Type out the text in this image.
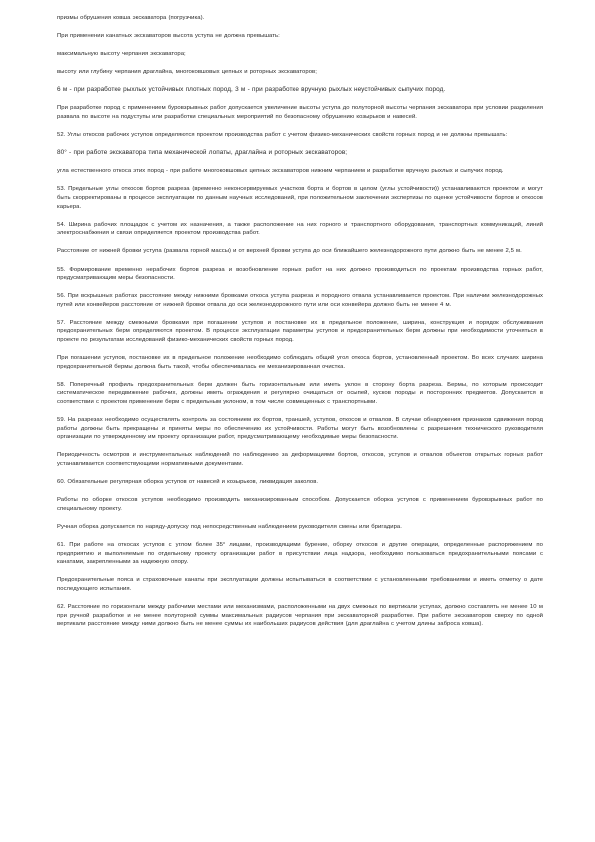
призмы обрушения ковша экскаватора (погрузчика).

При применении канатных экскаваторов высота уступа не должна превышать:

максимальную высоту черпания экскаватора;

высоту или глубину черпания драглайна, многоковшовых цепных и роторных экскаваторов;

6 м - при разработке рыхлых устойчивых плотных пород, 3 м - при разработке вручную рыхлых неустойчивых сыпучих пород.

При разработке пород с применением буровзрывных работ допускается увеличение высоты уступа до полуторной высоты черпания экскаватора при условии разделения развала по высоте на подуступы или разработки специальных мероприятий по безопасному обрушению козырьков и навесей.

52. Углы откосов рабочих уступов определяются проектом производства работ с учетом физико-механических свойств горных пород и не должны превышать:

80° - при работе экскаватора типа механической лопаты, драглайна и роторных экскаваторов;

угла естественного откоса этих пород - при работе многоковшовых цепных экскаваторов нижним черпанием и разработке вручную рыхлых и сыпучих пород.

53. Предельные углы откосов бортов разреза (временно неконсервируемых участков борта и бортов в целом (углы устойчивости)) устанавливаются проектом и могут быть скорректированы в процессе эксплуатации по данным научных исследований, при положительном заключении экспертизы по оценке устойчивости бортов и откосов карьера.

54. Ширина рабочих площадок с учетом их назначения, а также расположение на них горного и транспортного оборудования, транспортных коммуникаций, линий электроснабжения и связи определяется проектом производства работ.

Расстояние от нижней бровки уступа (развала горной массы) и от верхней бровки уступа до оси ближайшего железнодорожного пути должно быть не менее 2,5 м.

55. Формирование временно нерабочих бортов разреза и возобновление горных работ на них должно производиться по проектам производства горных работ, предусматривающим меры безопасности.

56. При вскрышных работах расстояние между нижними бровками откоса уступа разреза и породного отвала устанавливается проектом. При наличии железнодорожных путей или конвейеров расстояние от нижней бровки отвала до оси железнодорожного пути или оси конвейера должно быть не менее 4 м.

57. Расстояние между смежными бровками при погашении уступов и постановке их в предельное положение, ширина, конструкция и порядок обслуживания предохранительных берм определяются проектом. В процессе эксплуатации параметры уступов и предохранительных берм должны при необходимости уточняться в проекте по результатам исследований физико-механических свойств горных пород.

При погашении уступов, постановке их в предельное положение необходимо соблюдать общий угол откоса бортов, установленный проектом. Во всех случаях ширина предохранительной бермы должна быть такой, чтобы обеспечивалась ее механизированная очистка.

58. Поперечный профиль предохранительных берм должен быть горизонтальным или иметь уклон в сторону борта разреза. Бермы, по которым происходит систематическое передвижение рабочих, должны иметь ограждения и регулярно очищаться от осыпей, кусков породы и посторонних предметов. Допускается в соответствии с проектом применение берм с предельным уклоном, в том числе совмещенных с транспортными.

59. На разрезах необходимо осуществлять контроль за состоянием их бортов, траншей, уступов, откосов и отвалов. В случае обнаружения признаков сдвижения пород работы должны быть прекращены и приняты меры по обеспечению их устойчивости. Работы могут быть возобновлены с разрешения технического руководителя организации по утвержденному им проекту организации работ, предусматривающему необходимые меры безопасности.

Периодичность осмотров и инструментальных наблюдений по наблюдению за деформациями бортов, откосов, уступов и отвалов объектов открытых горных работ устанавливается соответствующими нормативными документами.

60. Обязательные регулярная оборка уступов от навесей и козырьков, ликвидация заколов.

Работы по оборке откосов уступов необходимо производить механизированным способом. Допускается оборка уступов с применением буровзрывных работ по специальному проекту.

Ручная оборка допускается по наряду-допуску под непосредственным наблюдением руководителя смены или бригадира.

61. При работе на откосах уступов с углом более 35° лицами, производящими бурение, оборку откосов и другие операции, определенные распоряжением по предприятию и выполняемые по отдельному проекту организации работ в присутствии лица надзора, необходимо пользоваться предохранительными поясами с канатами, закрепленными за надежную опору.

Предохранительные пояса и страховочные канаты при эксплуатации должны испытываться в соответствии с установленными требованиями и иметь отметку о дате последующего испытания.

62. Расстояние по горизонтали между рабочими местами или механизмами, расположенными на двух смежных по вертикали уступах, должно составлять не менее 10 м при ручной разработке и не менее полуторной суммы максимальных радиусов черпания при экскаваторной разработке. При работе экскаваторов сверху по одной вертикали расстояние между ними должно быть не менее суммы их наибольших радиусов действия (для драглайна с учетом длины заброса ковша).
